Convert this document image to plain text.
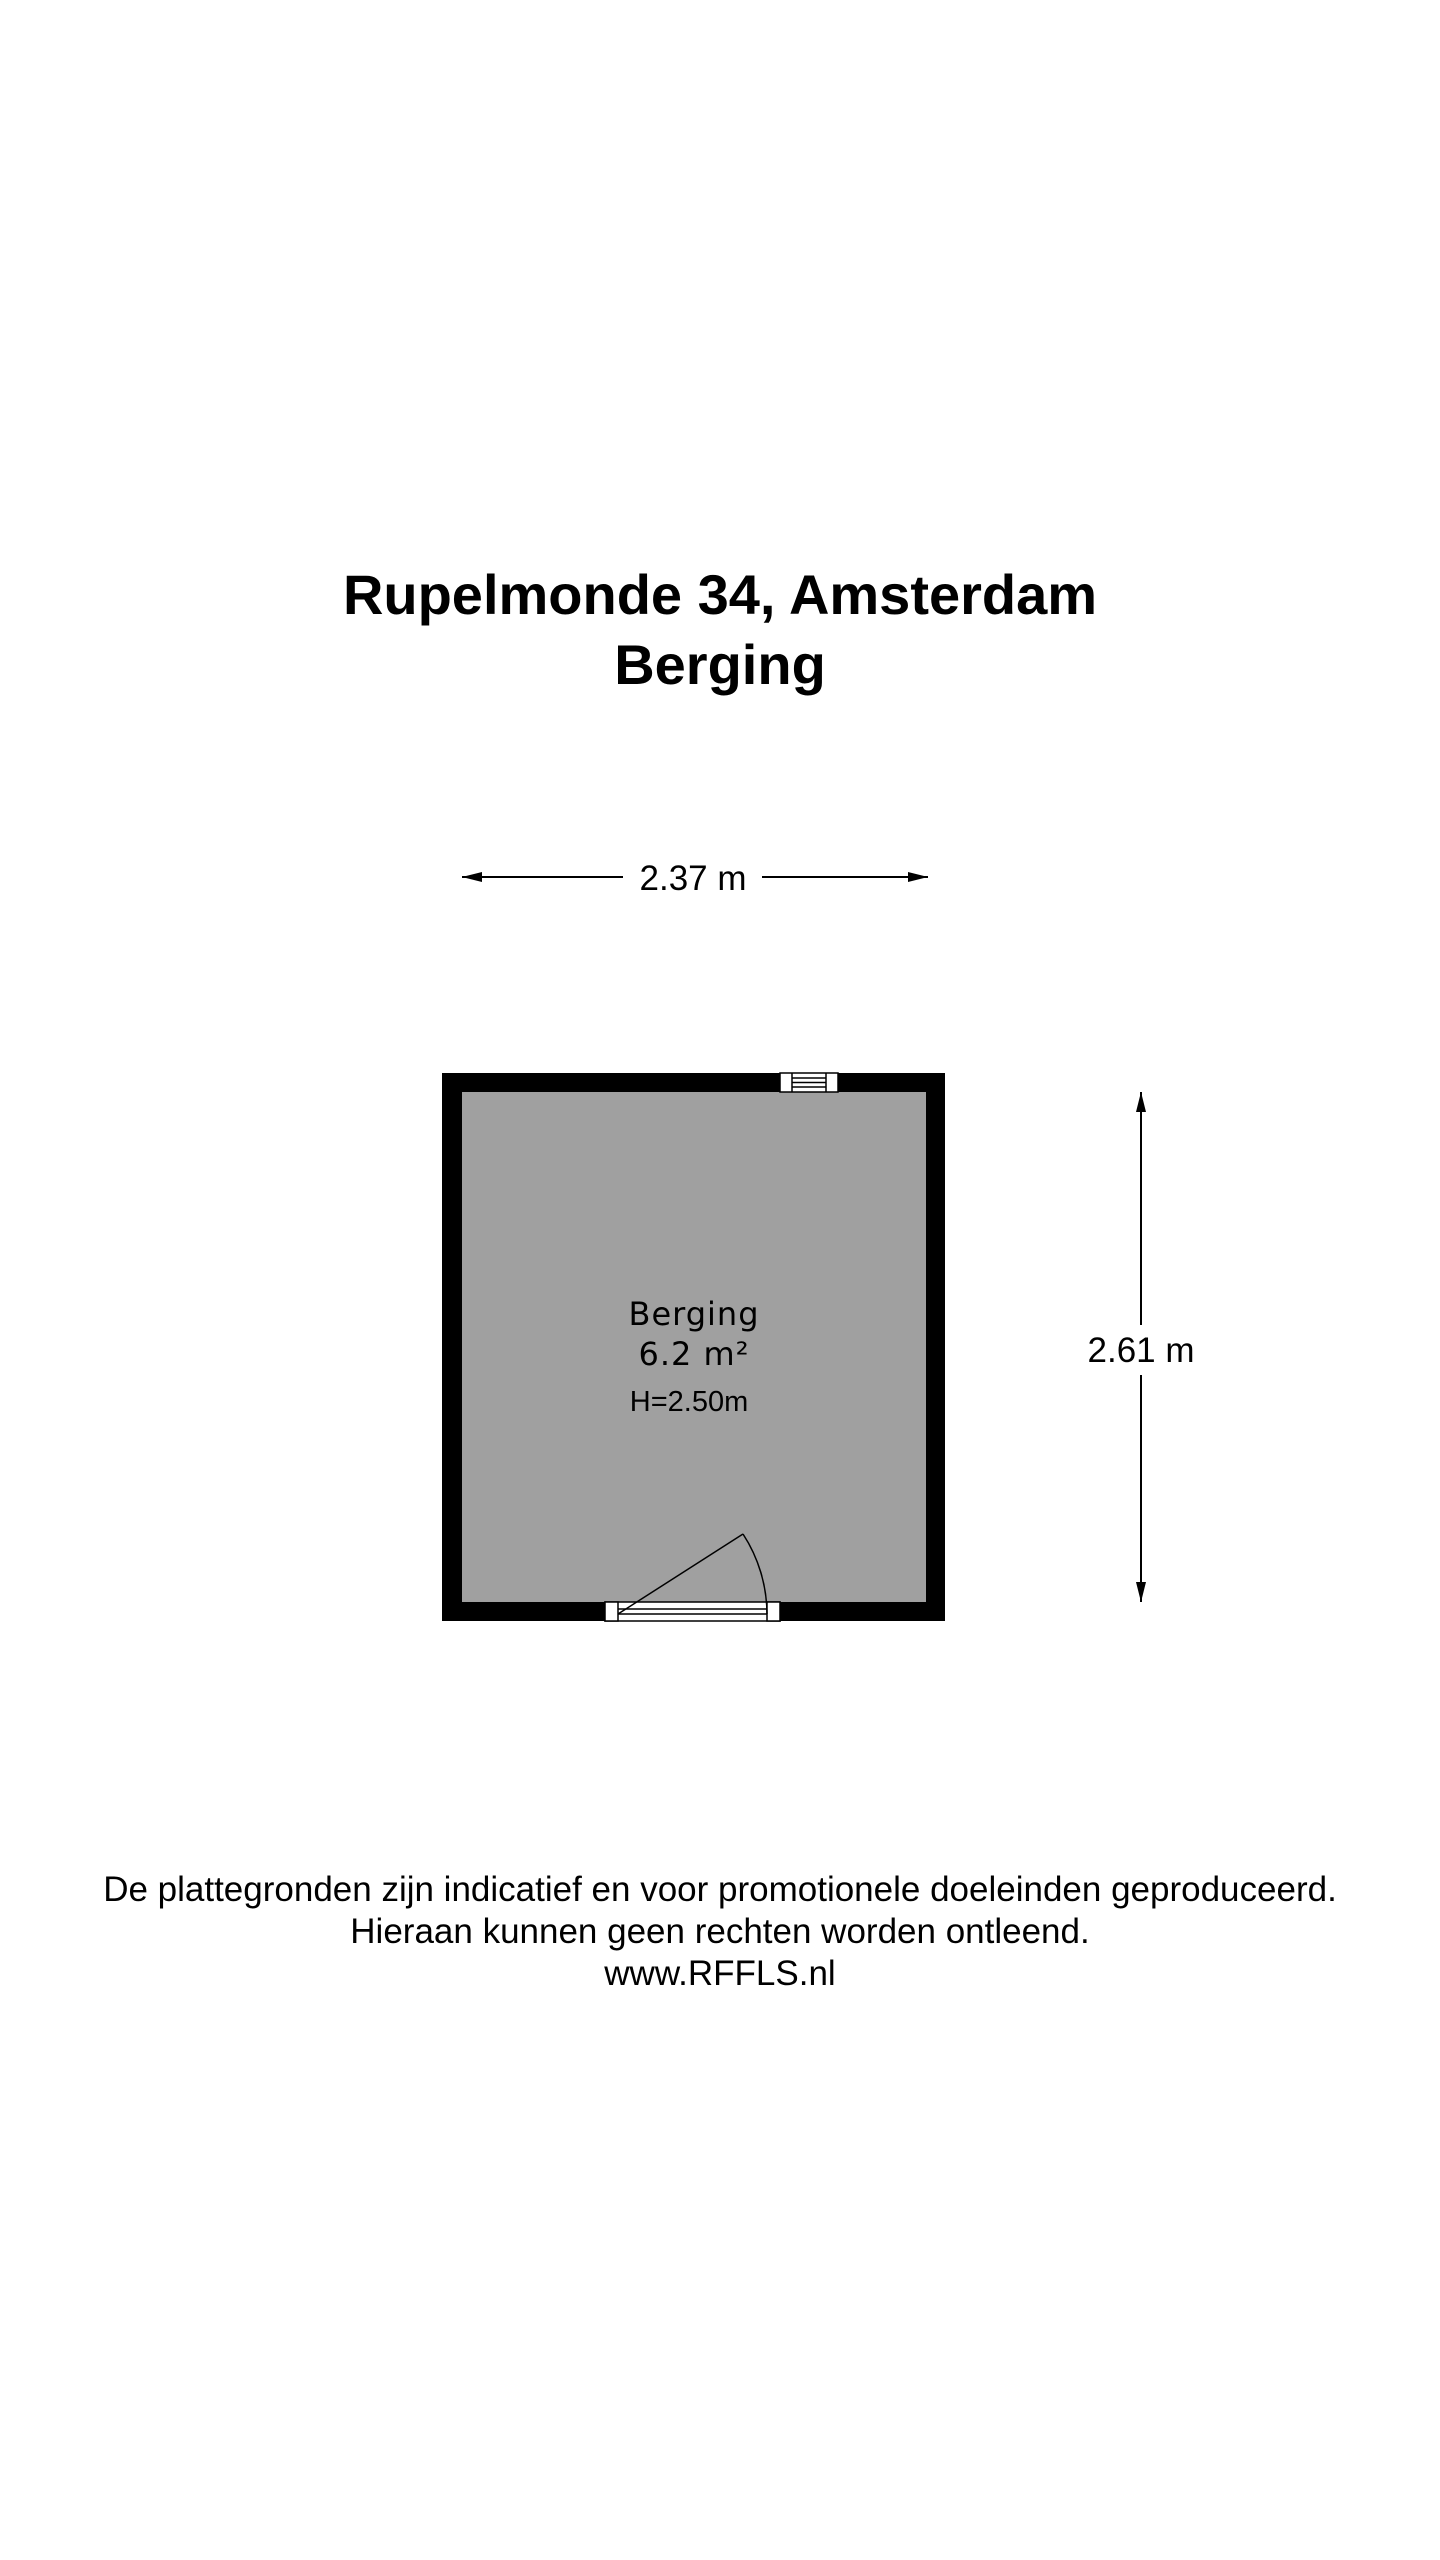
Rupelmonde 34, Amsterdam
Berging
2.37 m
2.61 m
Berging
6.2 m²
H=2.50m

De plattegronden zijn indicatief en voor promotionele doeleinden geproduceerd.

Hieraan kunnen geen rechten worden ontleend.

www.RFFLS.nl
